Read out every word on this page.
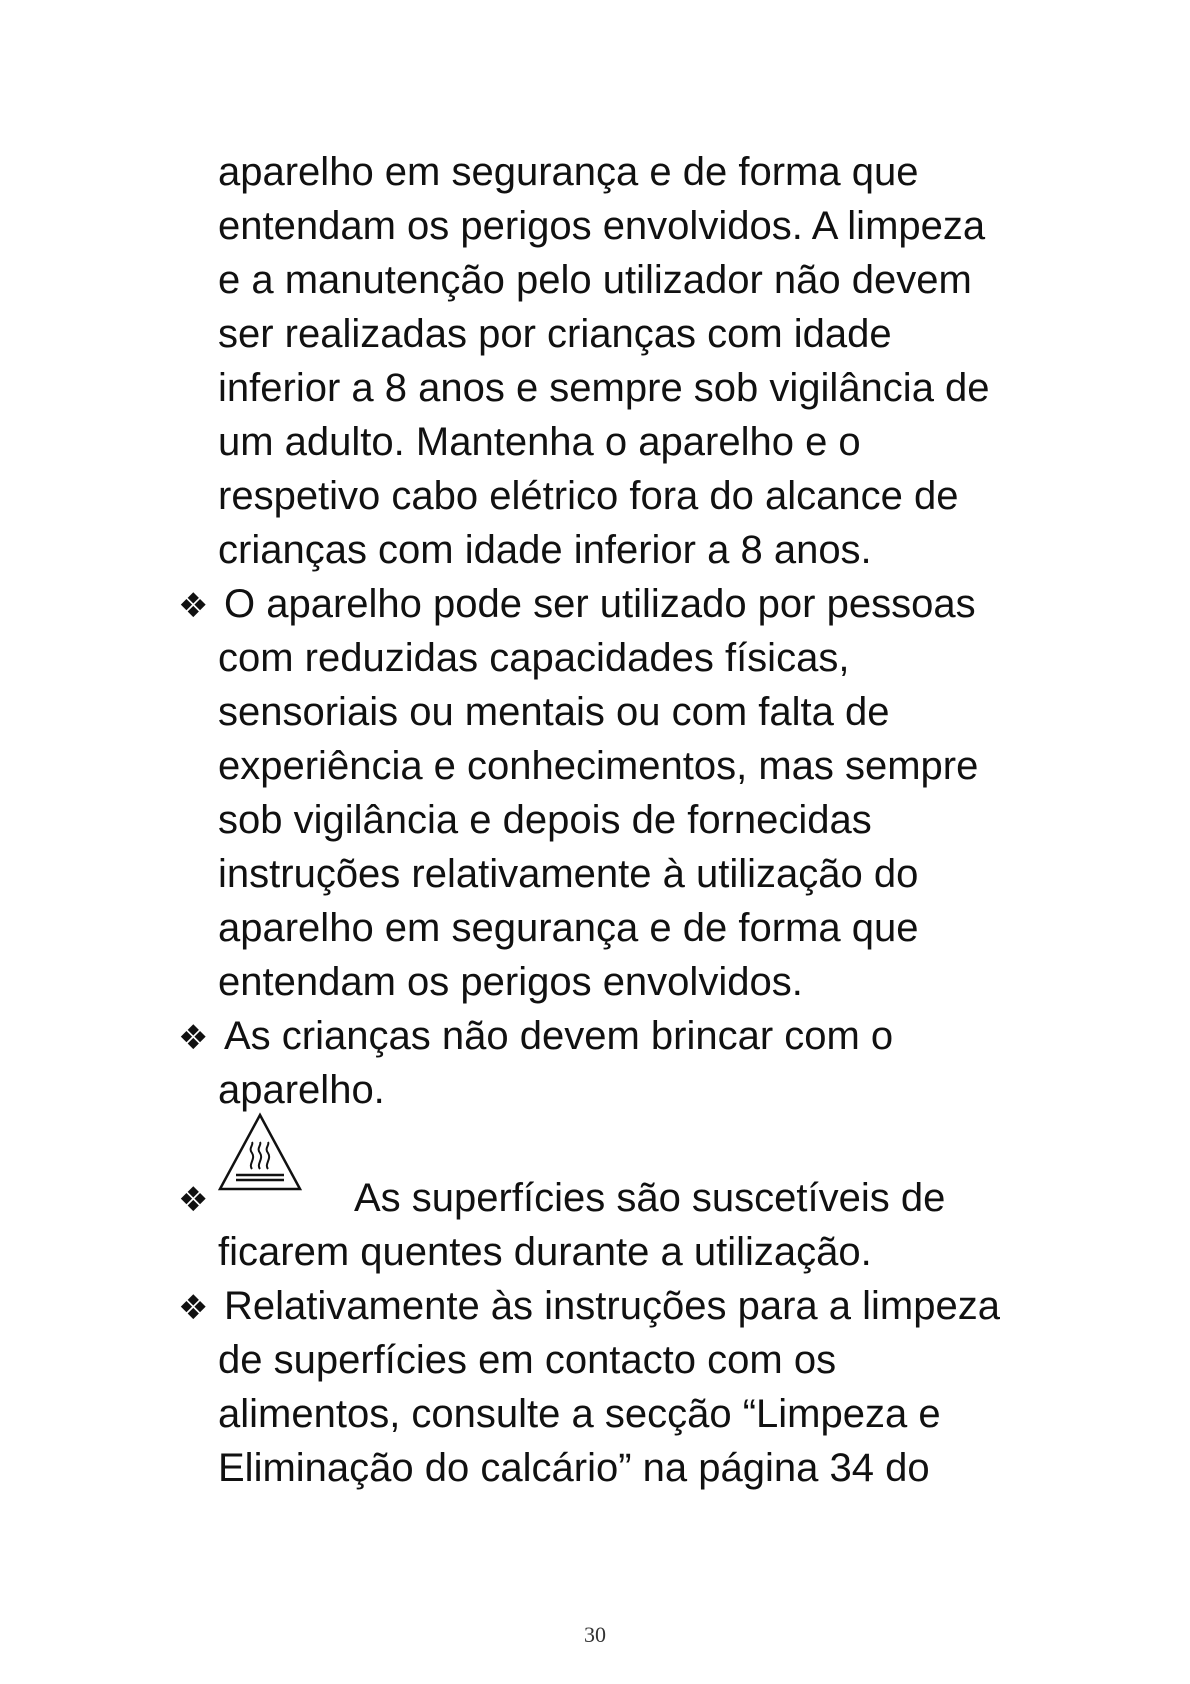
aparelho em segurança e de forma que
entendam os perigos envolvidos. A limpeza
e a manutenção pelo utilizador não devem
ser realizadas por crianças com idade
inferior a 8 anos e sempre sob vigilância de
um adulto. Mantenha o aparelho e o
respetivo cabo elétrico fora do alcance de
crianças com idade inferior a 8 anos.
❖ O aparelho pode ser utilizado por pessoas
com reduzidas capacidades físicas,
sensoriais ou mentais ou com falta de
experiência e conhecimentos, mas sempre
sob vigilância e depois de fornecidas
instruções relativamente à utilização do
aparelho em segurança e de forma que
entendam os perigos envolvidos.
❖ As crianças não devem brincar com o
aparelho.
❖	As superfícies são suscetíveis de
ficarem quentes durante a utilização.
❖ Relativamente às instruções para a limpeza
de superfícies em contacto com os
alimentos, consulte a secção “Limpeza e
Eliminação do calcário” na página 34 do
30
